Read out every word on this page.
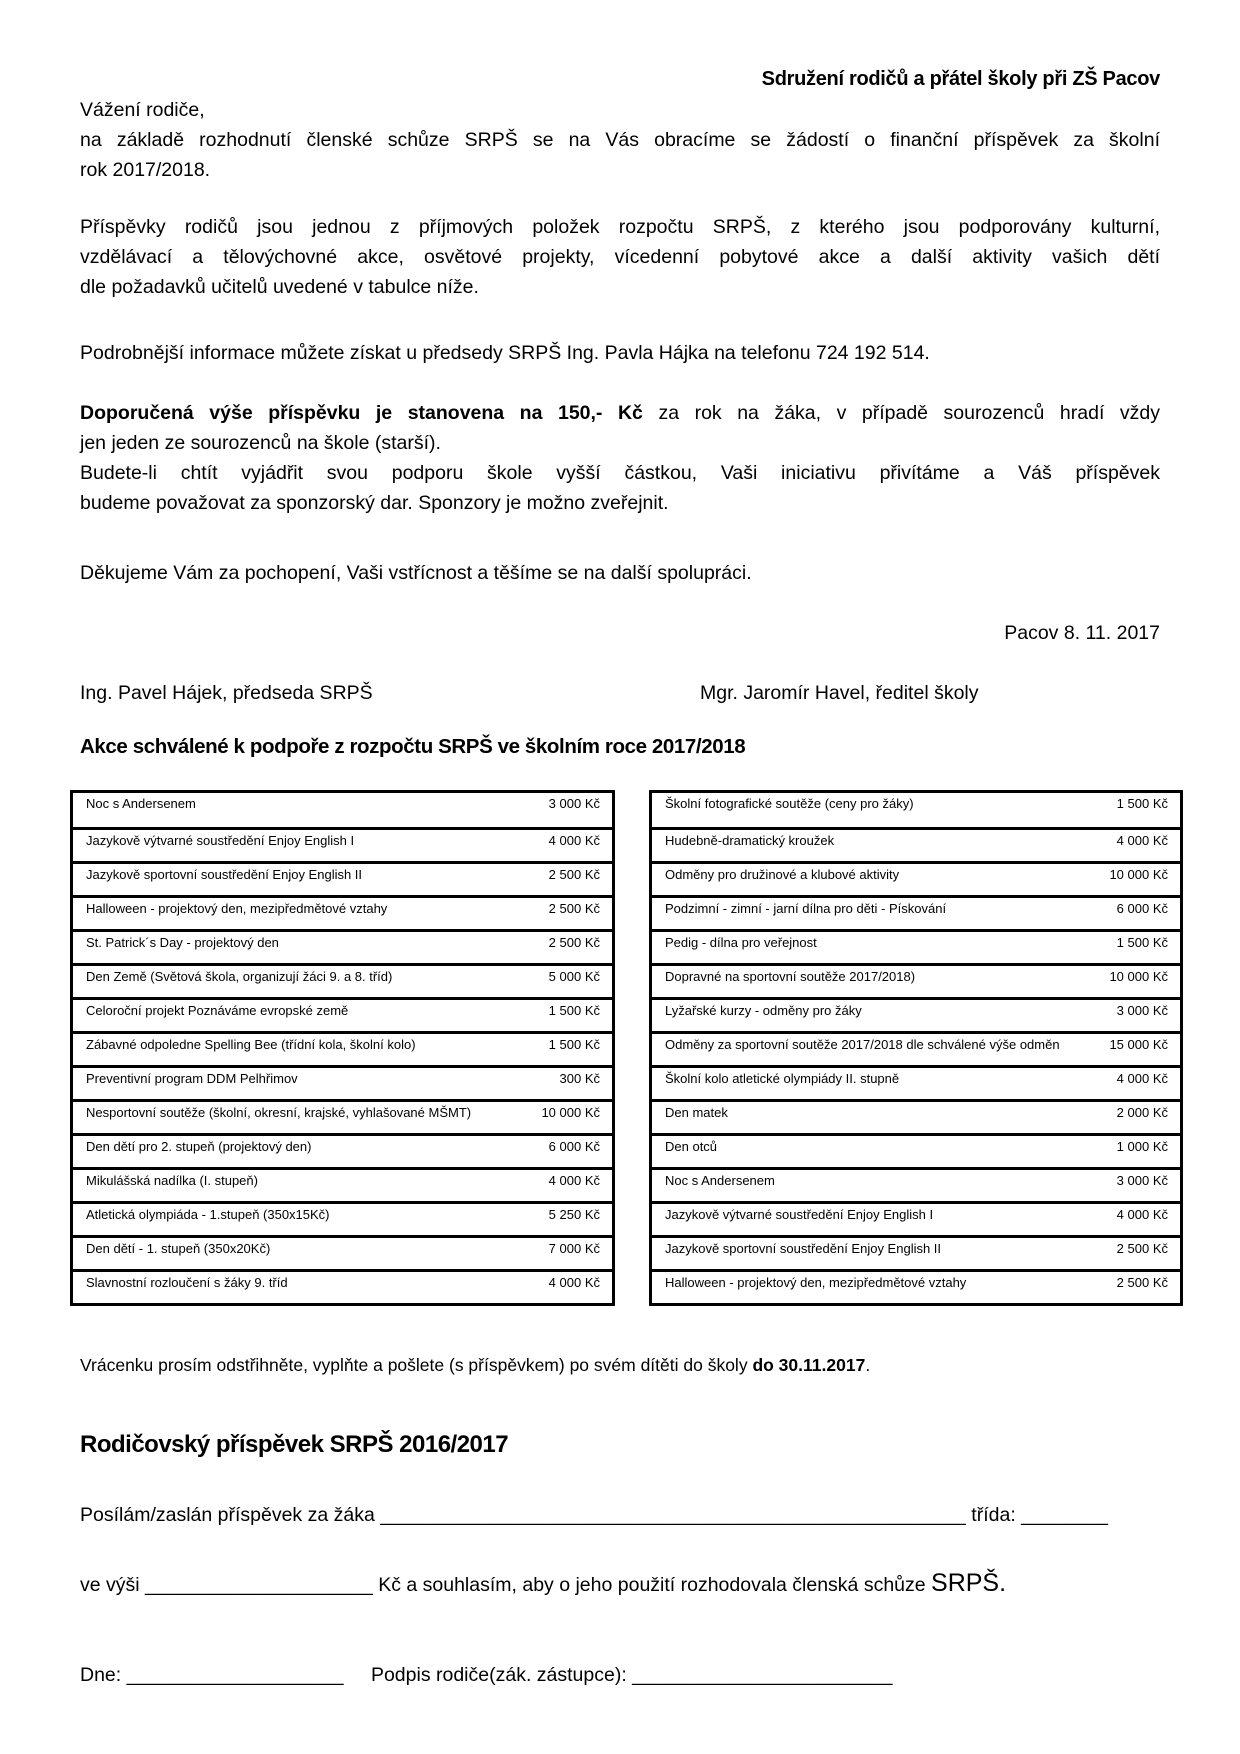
Sdružení rodičů a přátel školy při ZŠ Pacov
Vážení rodiče,
na základě rozhodnutí členské schůze SRPŠ se na Vás obracíme se žádostí o finanční příspěvek za školní
rok 2017/2018.
Příspěvky rodičů jsou jednou z příjmových položek rozpočtu SRPŠ, z kterého jsou podporovány kulturní,
vzdělávací a tělovýchovné akce, osvětové projekty, vícedenní pobytové akce a další aktivity vašich dětí
dle požadavků učitelů uvedené v tabulce níže.
Podrobnější informace můžete získat u předsedy SRPŠ Ing. Pavla Hájka na telefonu 724 192 514.
Doporučená výše příspěvku je stanovena na 150,- Kč za rok na žáka, v případě sourozenců hradí vždy
jen jeden ze sourozenců na škole (starší).
Budete-li chtít vyjádřit svou podporu škole vyšší částkou, Vaši iniciativu přivítáme a Váš příspěvek
budeme považovat za sponzorský dar. Sponzory je možno zveřejnit.
Děkujeme Vám za pochopení, Vaši vstřícnost a těšíme se na další spolupráci.
Pacov 8. 11. 2017
Ing. Pavel Hájek, předseda SRPŠ	Mgr. Jaromír Havel, ředitel školy
Akce schválené k podpoře z rozpočtu SRPŠ ve školním roce 2017/2018
Noc s Andersenem	3 000 Kč
Jazykově výtvarné soustředění Enjoy English I	4 000 Kč
Jazykově sportovní soustředění Enjoy English II	2 500 Kč
Halloween - projektový den, mezipředmětové vztahy	2 500 Kč
St. Patrick´s Day - projektový den	2 500 Kč
Den Země (Světová škola, organizují žáci 9. a 8. tříd)	5 000 Kč
Celoroční projekt Poznáváme evropské země	1 500 Kč
Zábavné odpoledne Spelling Bee (třídní kola, školní kolo)	1 500 Kč
Preventivní program DDM Pelhřimov	300 Kč
Nesportovní soutěže (školní, okresní, krajské, vyhlašované MŠMT)	10 000 Kč
Den dětí pro 2. stupeň (projektový den)	6 000 Kč
Mikulášská nadílka (I. stupeň)	4 000 Kč
Atletická olympiáda - 1.stupeň (350x15Kč)	5 250 Kč
Den dětí - 1. stupeň (350x20Kč)	7 000 Kč
Slavnostní rozloučení s žáky 9. tříd	4 000 Kč
Školní fotografické soutěže (ceny pro žáky)	1 500 Kč
Hudebně-dramatický kroužek	4 000 Kč
Odměny pro družinové a klubové aktivity	10 000 Kč
Podzimní - zimní - jarní dílna pro děti - Pískování	6 000 Kč
Pedig - dílna pro veřejnost	1 500 Kč
Dopravné na sportovní soutěže 2017/2018)	10 000 Kč
Lyžařské kurzy - odměny pro žáky	3 000 Kč
Odměny za sportovní soutěže 2017/2018 dle schválené výše odměn	15 000 Kč
Školní kolo atletické olympiády II. stupně	4 000 Kč
Den matek	2 000 Kč
Den otců	1 000 Kč
Noc s Andersenem	3 000 Kč
Jazykově výtvarné soustředění Enjoy English I	4 000 Kč
Jazykově sportovní soustředění Enjoy English II	2 500 Kč
Halloween - projektový den, mezipředmětové vztahy	2 500 Kč
Vrácenku prosím odstřihněte, vyplňte a pošlete (s příspěvkem) po svém dítěti do školy do 30.11.2017.
Rodičovský příspěvek SRPŠ 2016/2017
Posílám/zaslán příspěvek za žáka ______________________________________________________ třída: ________
ve výši _____________________ Kč a souhlasím, aby o jeho použití rozhodovala členská schůze SRPŠ.
Dne: ____________________ Podpis rodiče(zák. zástupce): ________________________
